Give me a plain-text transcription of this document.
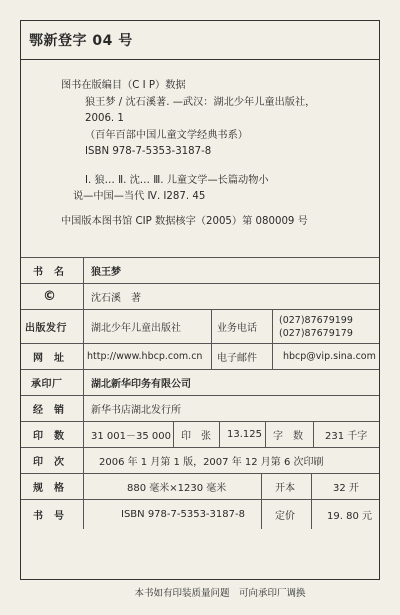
鄂新登字 04 号
图书在版编目（C I P）数据
狼王梦 / 沈石溪著. —武汉：湖北少年儿童出版社，
2006. 1
（百年百部中国儿童文学经典书系）
ISBN 978-7-5353-3187-8
Ⅰ. 狼… Ⅱ. 沈… Ⅲ. 儿童文学—长篇动物小
说—中国—当代 Ⅳ. I287. 45
中国版本图书馆 CIP 数据核字（2005）第 080009 号
书　名	狼王梦
©	沈石溪　著
出版发行 湖北少年儿童出版社	业务电话
(027)87679199
(027)87679179
网　址 http://www.hbcp.com.cn 电子邮件	hbcp@vip.sina.com
承印厂	湖北新华印务有限公司
经　销	新华书店湖北发行所
印　数	31 001－35 000 印　张 13.125 字　数 231 千字
印　次	2006 年 1 月第 1 版，2007 年 12 月第 6 次印刷
规　格	880 毫米×1230 毫米	开本	32 开
书　号	ISBN 978-7-5353-3187-8	定价	19. 80 元
本书如有印装质量问题　可向承印厂调换
